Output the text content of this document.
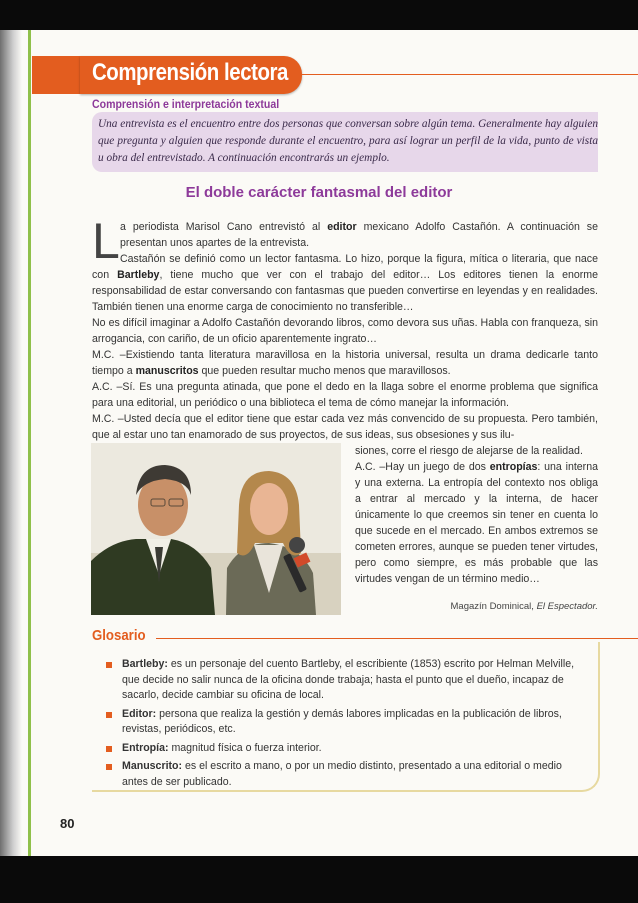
Comprensión lectora
Comprensión e interpretación textual
Una entrevista es el encuentro entre dos personas que conversan sobre algún tema. Generalmente hay alguien que pregunta y alguien que responde durante el encuentro, para así lograr un perfil de la vida, punto de vista u obra del entrevistado. A continuación encontrarás un ejemplo.
El doble carácter fantasmal del editor
L a periodista Marisol Cano entrevistó al editor mexicano Adolfo Castañón. A continuación se presentan unos apartes de la entrevista.
Castañón se definió como un lector fantasma. Lo hizo, porque la figura, mítica o literaria, que nace con Bartleby, tiene mucho que ver con el trabajo del editor… Los editores tienen la enorme responsabilidad de estar conversando con fantasmas que pueden convertirse en leyendas y en realidades. También tienen una enorme carga de conocimiento no transferible…
No es difícil imaginar a Adolfo Castañón devorando libros, como devora sus uñas. Habla con franqueza, sin arrogancia, con cariño, de un oficio aparentemente ingrato…
M.C. –Existiendo tanta literatura maravillosa en la historia universal, resulta un drama dedicarle tanto tiempo a manuscritos que pueden resultar mucho menos que maravillosos.
A.C. –Sí. Es una pregunta atinada, que pone el dedo en la llaga sobre el enorme problema que significa para una editorial, un periódico o una biblioteca el tema de cómo manejar la información.
M.C. –Usted decía que el editor tiene que estar cada vez más convencido de su propuesta. Pero también, que al estar uno tan enamorado de sus proyectos, de sus ideas, sus obsesiones y sus ilu-
siones, corre el riesgo de alejarse de la realidad.
A.C. –Hay un juego de dos entropías: una interna y una externa. La entropía del contexto nos obliga a entrar al mercado y la interna, de hacer únicamente lo que creemos sin tener en cuenta lo que sucede en el mercado. En ambos extremos se cometen errores, aunque se pueden tener virtudes, pero como siempre, es más probable que las virtudes vengan de un término medio…
Magazín Dominical, El Espectador.
Glosario
Bartleby: es un personaje del cuento Bartleby, el escribiente (1853) escrito por Helman Melville, que decide no salir nunca de la oficina donde trabaja; hasta el punto que el dueño, incapaz de sacarlo, decide cambiar su oficina de local.
Editor: persona que realiza la gestión y demás labores implicadas en la publicación de libros, revistas, periódicos, etc.
Entropía: magnitud física o fuerza interior.
Manuscrito: es el escrito a mano, o por un medio distinto, presentado a una editorial o medio antes de ser publicado.
80
